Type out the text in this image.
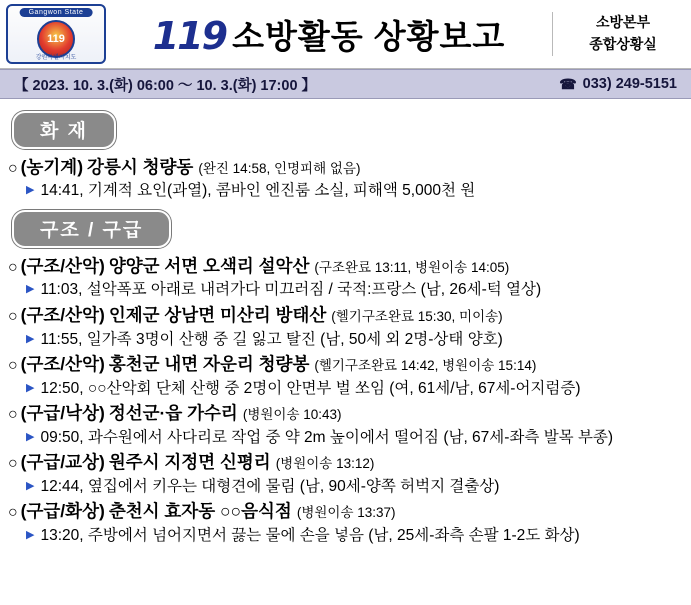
Gangwon State
119
강원특별자치도 119 소방활동 상황보고	소방본부
종합상황실
【 2023. 10. 3.(화) 06:00 ～ 10. 3.(화) 17:00 】	☎ 033) 249-5151
화 재
○ (농기계) 강릉시 청량동 (완진 14:58, 인명피해 없음)
▶ 14:41, 기계적 요인(과열), 콤바인 엔진룸 소실, 피해액 5,000천 원
구조 / 구급
○ (구조/산악) 양양군 서면 오색리 설악산 (구조완료 13:11, 병원이송 14:05)
▶ 11:03, 설악폭포 아래로 내려가다 미끄러짐 / 국적:프랑스 (남, 26세-턱 열상)
○ (구조/산악) 인제군 상남면 미산리 방태산 (헬기구조완료 15:30, 미이송)
▶ 11:55, 일가족 3명이 산행 중 길 잃고 탈진 (남, 50세 외 2명-상태 양호)
○ (구조/산악) 홍천군 내면 자운리 청량봉 (헬기구조완료 14:42, 병원이송 15:14)
▶ 12:50, ○○산악회 단체 산행 중 2명이 안면부 벌 쏘임 (여, 61세/남, 67세-어지럼증)
○ (구급/낙상) 정선군·읍 가수리 (병원이송 10:43)
▶ 09:50, 과수원에서 사다리로 작업 중 약 2m 높이에서 떨어짐 (남, 67세-좌측 발목 부종)
○ (구급/교상) 원주시 지정면 신평리 (병원이송 13:12)
▶ 12:44, 옆집에서 키우는 대형견에 물림 (남, 90세-양쪽 허벅지 결출상)
○ (구급/화상) 춘천시 효자동 ○○음식점 (병원이송 13:37)
▶ 13:20, 주방에서 넘어지면서 끓는 물에 손을 넣음 (남, 25세-좌측 손팔 1-2도 화상)
